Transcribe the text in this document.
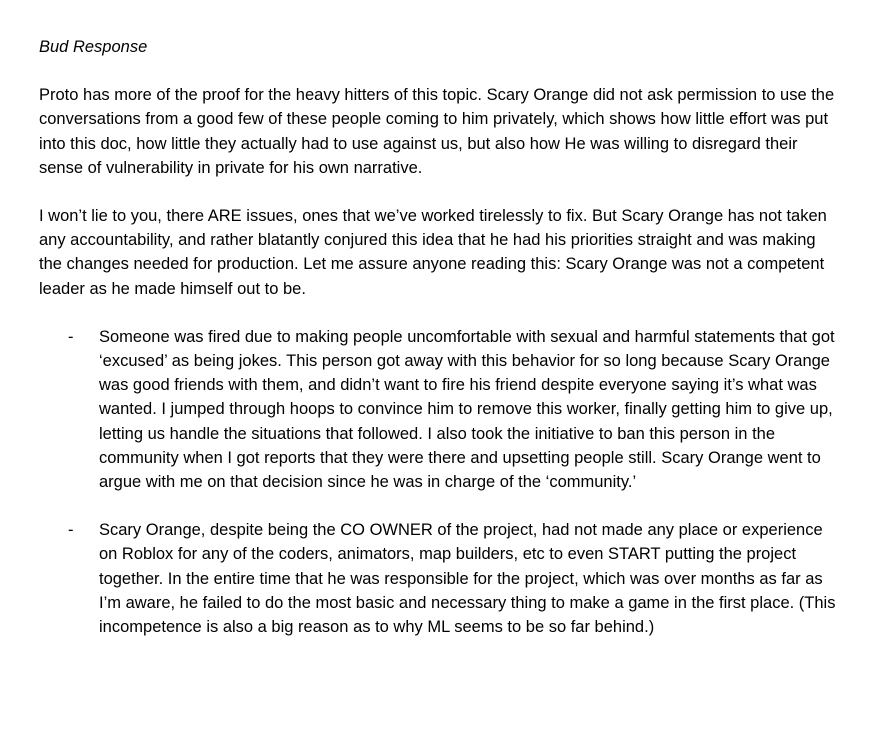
Bud Response

Proto has more of the proof for the heavy hitters of this topic. Scary Orange did not ask permission to use the conversations from a good few of these people coming to him privately, which shows how little effort was put into this doc, how little they actually had to use against us, but also how He was willing to disregard their sense of vulnerability in private for his own narrative.

I won’t lie to you, there ARE issues, ones that we’ve worked tirelessly to fix. But Scary Orange has not taken any accountability, and rather blatantly conjured this idea that he had his priorities straight and was making the changes needed for production. Let me assure anyone reading this: Scary Orange was not a competent leader as he made himself out to be.

- Someone was fired due to making people uncomfortable with sexual and harmful statements that got ‘excused’ as being jokes. This person got away with this behavior for so long because Scary Orange was good friends with them, and didn’t want to fire his friend despite everyone saying it’s what was wanted. I jumped through hoops to convince him to remove this worker, finally getting him to give up, letting us handle the situations that followed. I also took the initiative to ban this person in the community when I got reports that they were there and upsetting people still. Scary Orange went to argue with me on that decision since he was in charge of the ‘community.’
- Scary Orange, despite being the CO OWNER of the project, had not made any place or experience on Roblox for any of the coders, animators, map builders, etc to even START putting the project together. In the entire time that he was responsible for the project, which was over months as far as I’m aware, he failed to do the most basic and necessary thing to make a game in the first place. (This incompetence is also a big reason as to why ML seems to be so far behind.)
